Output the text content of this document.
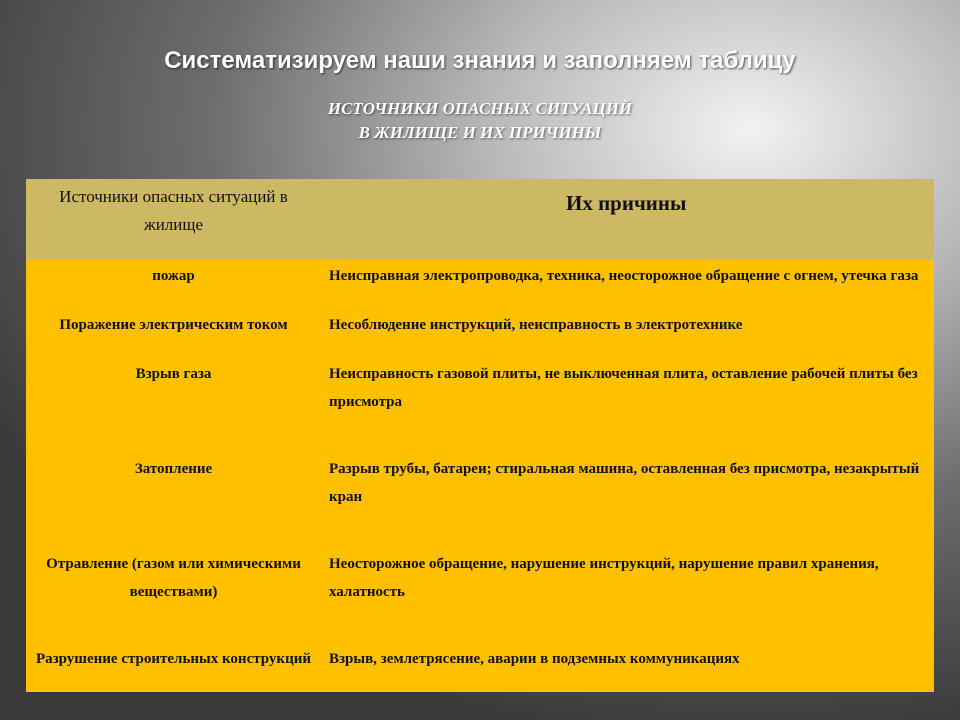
Систематизируем наши знания и заполняем таблицу
ИСТОЧНИКИ ОПАСНЫХ СИТУАЦИЙ
В ЖИЛИЩЕ И ИХ ПРИЧИНЫ
Источники опасных ситуаций в жилище	Их причины
пожар	Неисправная электропроводка, техника, неосторожное обращение с огнем, утечка газа
Поражение электрическим током	Несоблюдение инструкций, неисправность в электротехнике
Взрыв газа	Неисправность газовой плиты, не выключенная плита, оставление рабочей плиты без присмотра
Затопление	Разрыв трубы, батареи; стиральная машина, оставленная без присмотра, незакрытый кран
Отравление (газом или химическими веществами)	Неосторожное обращение, нарушение инструкций, нарушение правил хранения, халатность
Разрушение строительных конструкций	Взрыв, землетрясение, аварии в подземных коммуникациях
